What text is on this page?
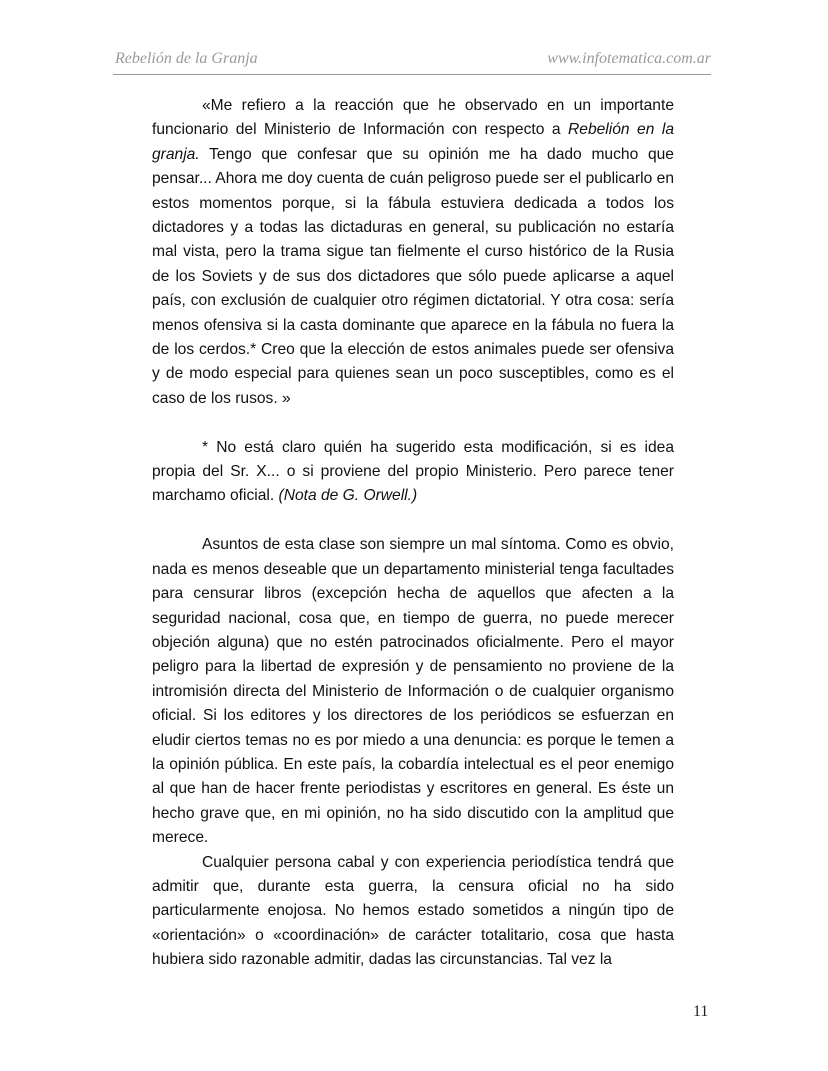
Rebelión de la Granja	www.infotematica.com.ar

«Me refiero a la reacción que he observado en un importante funcionario del Ministerio de Información con respecto a Rebelión en la granja. Tengo que confesar que su opinión me ha dado mucho que pensar... Ahora me doy cuenta de cuán peligroso puede ser el publicarlo en estos momentos porque, si la fábula estuviera dedicada a todos los dictadores y a todas las dictaduras en general, su publicación no estaría mal vista, pero la trama sigue tan fielmente el curso histórico de la Rusia de los Soviets y de sus dos dictadores que sólo puede aplicarse a aquel país, con exclusión de cualquier otro régimen dictatorial. Y otra cosa: sería menos ofensiva si la casta dominante que aparece en la fábula no fuera la de los cerdos.* Creo que la elección de estos animales puede ser ofensiva y de modo especial para quienes sean un poco susceptibles, como es el caso de los rusos. »

* No está claro quién ha sugerido esta modificación, si es idea propia del Sr. X... o si proviene del propio Ministerio. Pero parece tener marchamo oficial. (Nota de G. Orwell.)

Asuntos de esta clase son siempre un mal síntoma. Como es obvio, nada es menos deseable que un departamento ministerial tenga facultades para censurar libros (excepción hecha de aquellos que afecten a la seguridad nacional, cosa que, en tiempo de guerra, no puede merecer objeción alguna) que no estén patrocinados oficialmente. Pero el mayor peligro para la libertad de expresión y de pensamiento no proviene de la intromisión directa del Ministerio de Información o de cualquier organismo oficial. Si los editores y los directores de los periódicos se esfuerzan en eludir ciertos temas no es por miedo a una denuncia: es porque le temen a la opinión pública. En este país, la cobardía intelectual es el peor enemigo al que han de hacer frente periodistas y escritores en general. Es éste un hecho grave que, en mi opinión, no ha sido discutido con la amplitud que merece.

Cualquier persona cabal y con experiencia periodística tendrá que admitir que, durante esta guerra, la censura oficial no ha sido particularmente enojosa. No hemos estado sometidos a ningún tipo de «orientación» o «coordinación» de carácter totalitario, cosa que hasta hubiera sido razonable admitir, dadas las circunstancias. Tal vez la

11
